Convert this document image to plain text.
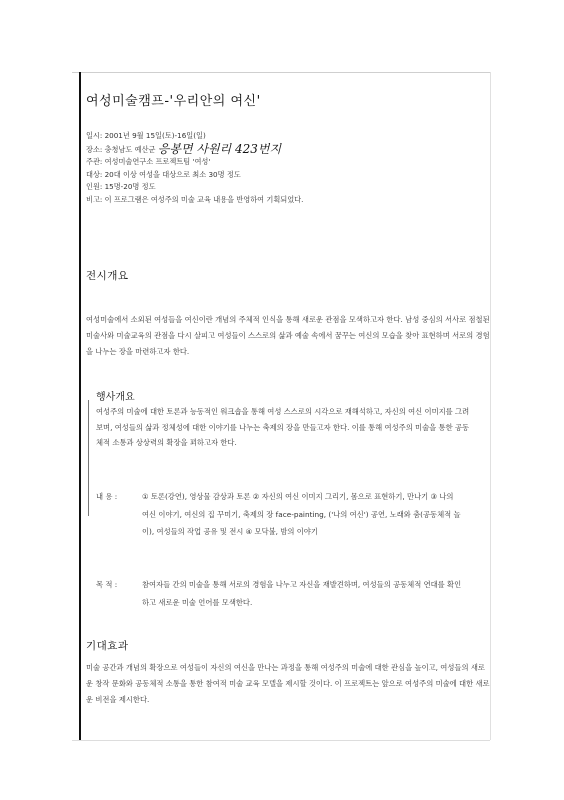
여성미술캠프-'우리안의 여신'
일시: 2001년 9월 15일(토)-16일(일)
장소: 충청남도 예산군 응봉면 사원리 423번지
주관: 여성미술연구소 프로젝트팀 '여성'
대상: 20대 이상 여성을 대상으로 최소 30명 정도
인원: 15명-20명 정도
비고: 이 프로그램은 여성주의 미술 교육 내용을 반영하여 기획되었다.
전시개요
여성미술에서 소외된 여성들을 여신이란 개념의 주체적 인식을 통해 새로운 관점을 모색하고자 한다. 남성 중심의 서사로 점철된 미술사와 미술교육의 관점을 다시 살피고 여성들이 스스로의 삶과 예술 속에서 꿈꾸는 여신의 모습을 찾아 표현하며 서로의 경험을 나누는 장을 마련하고자 한다.
행사개요
여성주의 미술에 대한 토론과 능동적인 워크숍을 통해 여성 스스로의 시각으로 재해석하고, 자신의 여신 이미지를 그려보며, 여성들의 삶과 정체성에 대한 이야기를 나누는 축제의 장을 만들고자 한다. 이를 통해 여성주의 미술을 통한 공동체적 소통과 상상력의 확장을 꾀하고자 한다.
내 용 :	① 토론(강연), 영상물 감상과 토론 ② 자신의 여신 이미지 그리기, 몸으로 표현하기, 만나기 ③ 나의 여신 이야기, 여신의 집 꾸미기, 축제의 장 face-painting, ('나의 여신') 공연, 노래와 춤(공동체적 놀이), 여성들의 작업 공유 및 전시 ④ 모닥불, 밤의 이야기
목 적 :	참여자들 간의 미술을 통해 서로의 경험을 나누고 자신을 재발견하며, 여성들의 공동체적 연대를 확인하고 새로운 미술 언어를 모색한다.
기대효과
미술 공간과 개념의 확장으로 여성들이 자신의 여신을 만나는 과정을 통해 여성주의 미술에 대한 관심을 높이고, 여성들의 새로운 창작 문화와 공동체적 소통을 통한 참여적 미술 교육 모델을 제시할 것이다. 이 프로젝트는 앞으로 여성주의 미술에 대한 새로운 비전을 제시한다.
